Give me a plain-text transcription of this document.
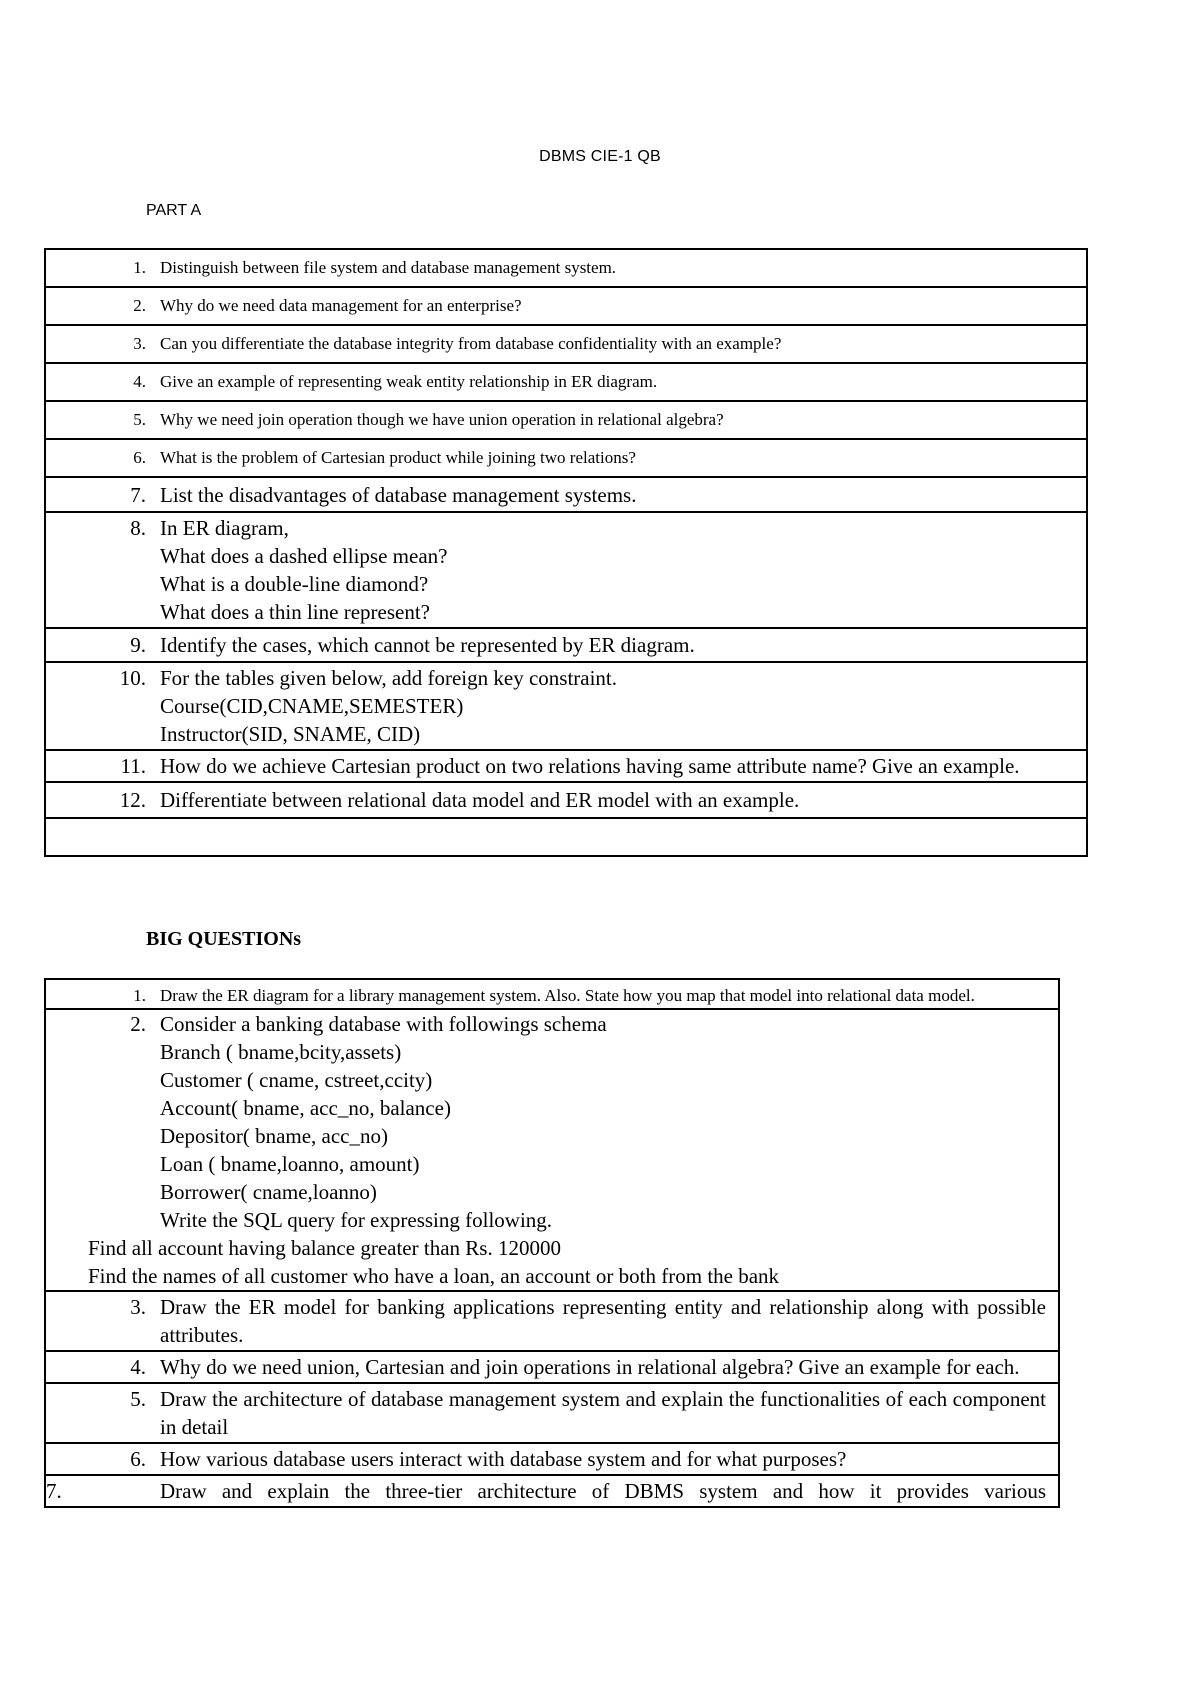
DBMS CIE-1 QB
PART A
1. Distinguish between file system and database management system.

2. Why do we need data management for an enterprise?

3. Can you differentiate the database integrity from database confidentiality with an example?

4. Give an example of representing weak entity relationship in ER diagram.

5. Why we need join operation though we have union operation in relational algebra?

6. What is the problem of Cartesian product while joining two relations?

7. List the disadvantages of database management systems.

8. In ER diagram,
What does a dashed ellipse mean?
What is a double-line diamond?
What does a thin line represent?

9. Identify the cases, which cannot be represented by ER diagram.

10. For the tables given below, add foreign key constraint.
Course(CID,CNAME,SEMESTER)
Instructor(SID, SNAME, CID)

11. How do we achieve Cartesian product on two relations having same attribute name? Give an example.

12. Differentiate between relational data model and ER model with an example.

BIG QUESTIONs
1. Draw the ER diagram for a library management system. Also. State how you map that model into relational data model.

2. Consider a banking database with followings schema
Branch ( bname,bcity,assets)
Customer ( cname, cstreet,ccity)
Account( bname, acc_no, balance)
Depositor( bname, acc_no)
Loan ( bname,loanno, amount)
Borrower( cname,loanno)
Write the SQL query for expressing following.
Find all account having balance greater than Rs. 120000
Find the names of all customer who have a loan, an account or both from the bank

3. Draw the ER model for banking applications representing entity and relationship along with possible attributes.

4. Why do we need union, Cartesian and join operations in relational algebra? Give an example for each.

5. Draw the architecture of database management system and explain the functionalities of each component in detail

6. How various database users interact with database system and for what purposes?

7.	Draw and explain the three-tier architecture of DBMS system and how it provides various
